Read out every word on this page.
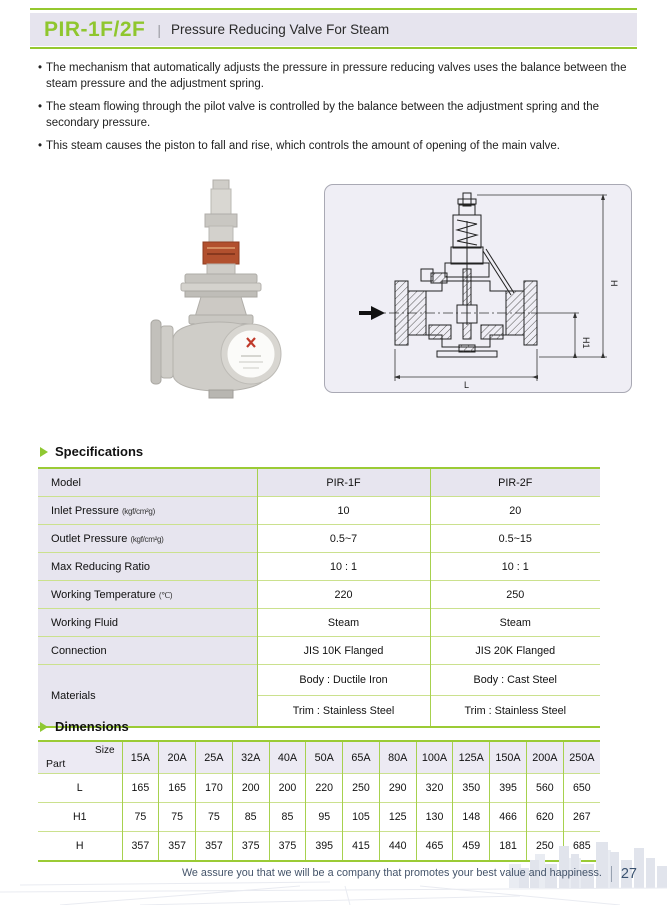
PIR-1F/2F | Pressure Reducing Valve For Steam
• The mechanism that automatically adjusts the pressure in pressure reducing valves uses the balance between the steam pressure and the adjustment spring.
• The steam flowing through the pilot valve is controlled by the balance between the adjustment spring and the secondary pressure.
• This steam causes the piston to fall and rise, which controls the amount of opening of the main valve.
H
H1
L
Specifications
Model	PIR-1F	PIR-2F
Inlet Pressure (kgf/cm²g)	10	20
Outlet Pressure (kgf/cm²g)	0.5~7	0.5~15
Max Reducing Ratio	10 : 1	10 : 1
Working Temperature (℃)	220	250
Working Fluid	Steam	Steam
Connection	JIS 10K Flanged	JIS 20K Flanged
Materials	Body : Ductile Iron	Body : Cast Steel
	Trim : Stainless Steel	Trim : Stainless Steel
Dimensions
Size
Part	15A	20A	25A	32A	40A	50A	65A	80A	100A	125A	150A	200A	250A
L	165	165	170	200	200	220	250	290	320	350	395	560	650
H1	75	75	75	85	85	95	105	125	130	148	466	620	267
H	357	357	357	375	375	395	415	440	465	459	181	250	685
We assure you that we will be a company that promotes your best value and happiness. 27
